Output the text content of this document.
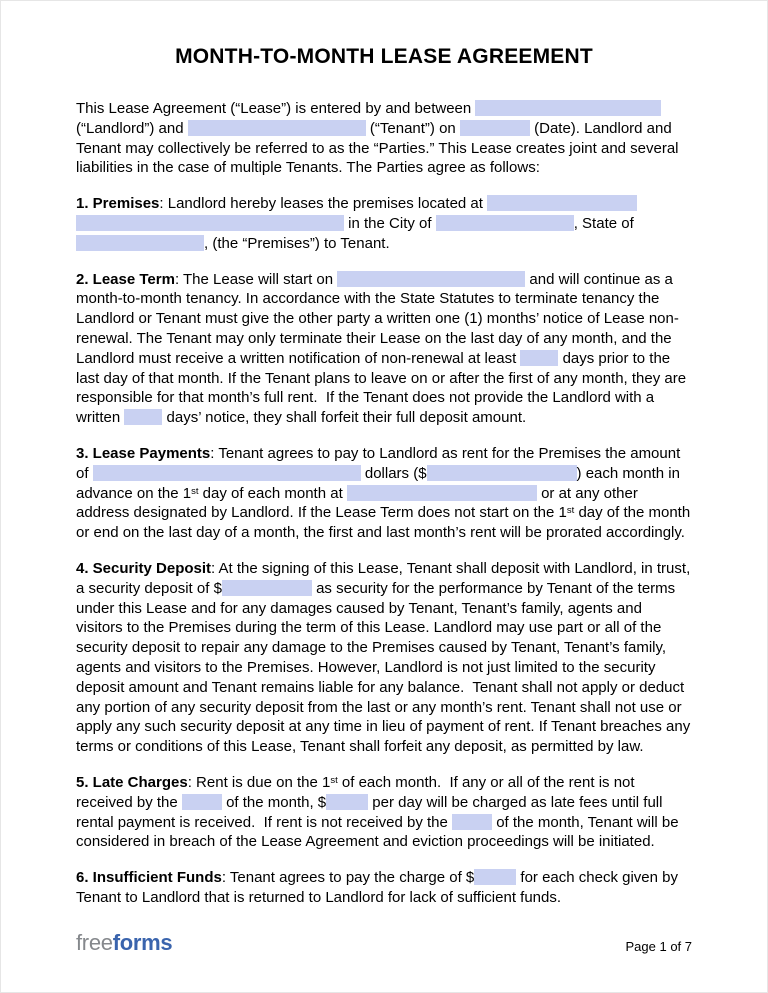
MONTH-TO-MONTH LEASE AGREEMENT

This Lease Agreement (“Lease”) is entered by and between	(“Landlord”) and	(“Tenant”) on	(Date). Landlord and Tenant may collectively be referred to as the “Parties.” This Lease creates joint and several liabilities in the case of multiple Tenants. The Parties agree as follows:

1. Premises: Landlord hereby leases the premises located at   in the City of	, State of , (the “Premises”) to Tenant.

2. Lease Term: The Lease will start on	and will continue as a month-to-month tenancy. In accordance with the State Statutes to terminate tenancy the Landlord or Tenant must give the other party a written one (1) months’ notice of Lease non-renewal. The Tenant may only terminate their Lease on the last day of any month, and the Landlord must receive a written notification of non-renewal at least	days prior to the last day of that month. If the Tenant plans to leave on or after the first of any month, they are responsible for that month’s full rent.  If the Tenant does not provide the Landlord with a written	days’ notice, they shall forfeit their full deposit amount.

3. Lease Payments: Tenant agrees to pay to Landlord as rent for the Premises the amount of	dollars ($	) each month in advance on the 1st day of each month at	or at any other address designated by Landlord. If the Lease Term does not start on the 1st day of the month or end on the last day of a month, the first and last month’s rent will be prorated accordingly.

4. Security Deposit: At the signing of this Lease, Tenant shall deposit with Landlord, in trust, a security deposit of $	as security for the performance by Tenant of the terms under this Lease and for any damages caused by Tenant, Tenant’s family, agents and visitors to the Premises during the term of this Lease. Landlord may use part or all of the security deposit to repair any damage to the Premises caused by Tenant, Tenant’s family, agents and visitors to the Premises. However, Landlord is not just limited to the security deposit amount and Tenant remains liable for any balance.  Tenant shall not apply or deduct any portion of any security deposit from the last or any month’s rent. Tenant shall not use or apply any such security deposit at any time in lieu of payment of rent. If Tenant breaches any terms or conditions of this Lease, Tenant shall forfeit any deposit, as permitted by law.

5. Late Charges: Rent is due on the 1st of each month.  If any or all of the rent is not received by the	of the month, $	per day will be charged as late fees until full rental payment is received.  If rent is not received by the	of the month, Tenant will be considered in breach of the Lease Agreement and eviction proceedings will be initiated.

6. Insufficient Funds: Tenant agrees to pay the charge of $	for each check given by Tenant to Landlord that is returned to Landlord for lack of sufficient funds.

freeforms	Page 1 of 7
